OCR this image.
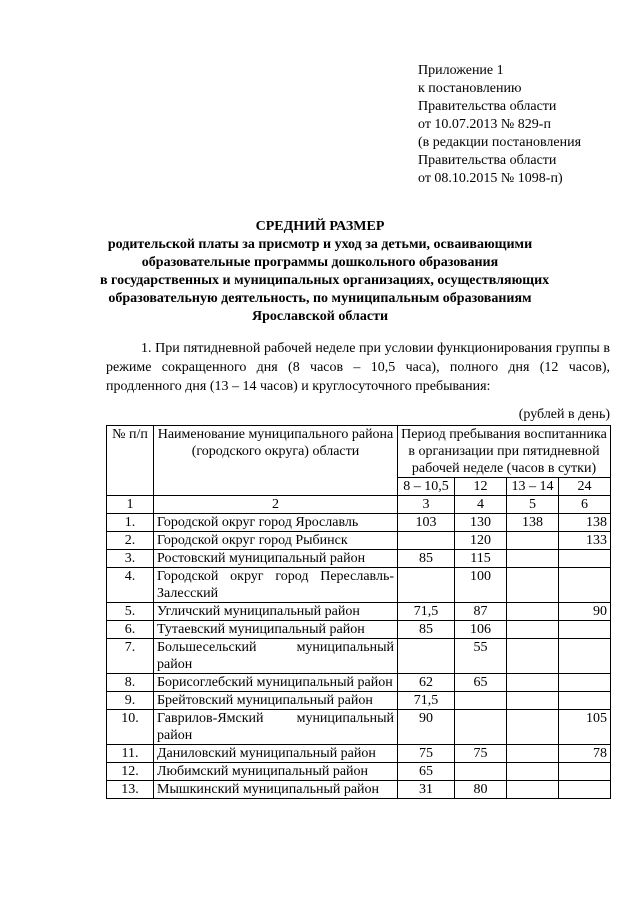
Приложение 1
к постановлению
Правительства области
от 10.07.2013 № 829-п
(в редакции постановления
Правительства области
от 08.10.2015 № 1098-п)
СРЕДНИЙ РАЗМЕР
родительской платы за присмотр и уход за детьми, осваивающими
образовательные программы дошкольного образования
в государственных и муниципальных организациях, осуществляющих
образовательную деятельность, по муниципальным образованиям
Ярославской области
1. При пятидневной рабочей неделе при условии функционирования группы в режиме сокращенного дня (8 часов – 10,5 часа), полного дня (12 часов), продленного дня (13 – 14 часов) и круглосуточного пребывания:
(рублей в день)
№ п/п	Наименование муниципального района (городского округа) области	Период пребывания воспитанника в организации при пятидневной рабочей неделе (часов в сутки)			
		8 – 10,5	12	13 – 14	24
1	2	3	4	5	6
1.	Городской округ город Ярославль	103	130	138	138
2.	Городской округ город Рыбинск		120		133
3.	Ростовский муниципальный район	85	115		
4.	Городской округ город Переславль-Залесский		100		
5.	Угличский муниципальный район	71,5	87		90
6.	Тутаевский муниципальный район	85	106		
7.	Большесельский муниципальный район		55		
8.	Борисоглебский муниципальный район	62	65		
9.	Брейтовский муниципальный район	71,5			
10.	Гаврилов-Ямский муниципальный район	90			105
11.	Даниловский муниципальный район	75	75		78
12.	Любимский муниципальный район	65			
13.	Мышкинский муниципальный район	31	80		
